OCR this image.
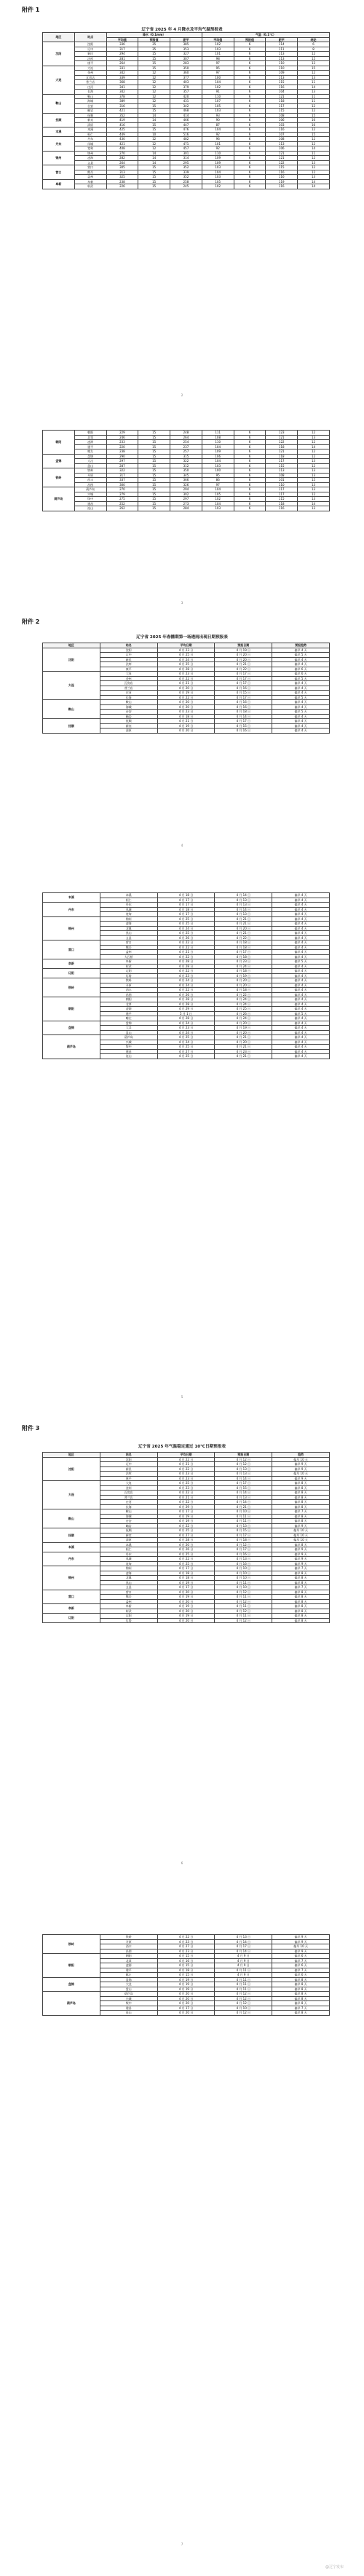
附件 1
辽宁省 2025 年 4 月降水及平均气温预报表
地区	站点	降水（0.1mm）			气温（0.1℃）			
		平均值	预报值	距平	平均值	预报值	距平	结论
沈阳	沈阳	336	35	385	102	6	114	6
	辽中	317	35	353	103	6	111	8
	新民	294	15	327	101	6	113	12
	法库	281	15	307	98	6	113	15
	康平	264	15	283	97	6	110	13
大连	大连	331	15	350	95	6	110	15
	金州	342	12	360	97	6	109	12
	瓦房店	339	12	377	100	6	113	13
	普兰店	368	12	403	104	6	115	11
	庄河	341	12	379	102	6	116	14
	长海	342	12	357	91	6	104	13
鞍山	鞍山	378	12	420	110	6	121	11
	海城	389	12	431	107	6	118	11
	台安	316	15	342	105	6	117	12
	岫岩	421	15	468	103	6	115	12
抚顺	抚顺	352	14	414	93	6	108	15
	新宾	419	14	466	90	6	106	16
	清原	416	15	447	87	6	103	16
本溪	本溪	425	15	476	104	6	116	12
	桓仁	449	10	516	92	6	107	15
丹东	丹东	430	12	482	96	6	108	12
	凤城	421	12	471	101	6	113	12
	宽甸	408	12	457	92	6	106	14
锦州	锦州	270	14	301	110	6	121	11
	凌海	282	14	314	109	6	121	12
	义县	264	14	295	109	6	122	13
营口	营口	305	15	352	103	6	115	12
	熊岳	313	15	339	104	6	116	12
	盖州	325	15	352	103	6	116	13
阜新	阜新	238	15	258	105	6	119	14
	彰武	226	15	245	102	6	116	14
2
朝阳	朝阳	229	15	248	111	6	123	12
	北票	246	15	264	108	6	121	13
	凌源	233	15	254	110	6	122	12
	建平	220	15	237	104	6	118	14
	喀左	238	15	257	109	6	121	12
盘锦	盘锦	290	15	315	106	6	118	12
	大洼	297	15	322	104	6	117	13
	盘山	287	15	312	103	6	115	12
铁岭	铁岭	322	15	350	100	6	113	13
	开原	317	15	345	95	6	108	13
	西丰	337	15	366	86	6	101	15
	昌图	300	15	326	97	6	110	13
葫芦岛	葫芦岛	270	15	294	104	6	117	13
	兴城	279	15	302	105	6	117	12
	绥中	275	15	297	102	6	115	13
	建昌	252	15	273	104	6	118	14
	连山	262	15	284	103	6	116	13
3
附件 2
辽宁省 2025 年春播期第一场透雨出现日期预报表
地区	站名	平均日期	预报日期	预报趋势
沈阳	沈阳	4 月 23 日	4 月 19 日	偏早 4 天
	辽中	4 月 25 日	4 月 20 日	偏早 5 天
	新民	4 月 24 日	4 月 20 日	偏早 4 天
	法库	4 月 25 日	4 月 21 日	偏早 4 天
	康平	4 月 28 日	4 月 22 日	偏早 6 天
大连	大连	4 月 23 日	4 月 17 日	偏早 6 天
	金州	4 月 22 日	4 月 17 日	偏早 5 天
	瓦房店	4 月 21 日	4 月 17 日	偏早 4 天
	普兰店	4 月 20 日	4 月 16 日	偏早 4 天
	庄河	4 月 19 日	4 月 15 日	偏早 4 天
	长海	4 月 22 日	4 月 17 日	偏早 5 天
鞍山	鞍山	4 月 20 日	4 月 16 日	偏早 4 天
	海城	4 月 20 日	4 月 16 日	偏早 4 天
	台安	4 月 23 日	4 月 18 日	偏早 5 天
	岫岩	4 月 18 日	4 月 14 日	偏早 4 天
抚顺	抚顺	4 月 21 日	4 月 17 日	偏早 4 天
	新宾	4 月 19 日	4 月 15 日	偏早 4 天
	清原	4 月 20 日	4 月 16 日	偏早 4 天
4
本溪	本溪	4 月 18 日	4 月 14 日	偏早 4 天
	桓仁	4 月 17 日	4 月 13 日	偏早 4 天
丹东	丹东	4 月 17 日	4 月 13 日	偏早 4 天
	凤城	4 月 18 日	4 月 14 日	偏早 4 天
	宽甸	4 月 17 日	4 月 13 日	偏早 4 天
锦州	锦州	4 月 25 日	4 月 21 日	偏早 4 天
	凌海	4 月 25 日	4 月 21 日	偏早 4 天
	北镇	4 月 24 日	4 月 20 日	偏早 4 天
	黑山	4 月 25 日	4 月 21 日	偏早 4 天
	义县	4 月 26 日	4 月 22 日	偏早 4 天
营口	营口	4 月 22 日	4 月 18 日	偏早 4 天
	熊岳	4 月 22 日	4 月 18 日	偏早 4 天
	盖州	4 月 21 日	4 月 17 日	偏早 4 天
	大石桥	4 月 22 日	4 月 18 日	偏早 4 天
阜新	阜新	4 月 28 日	4 月 23 日	偏早 5 天
	彰武	4 月 28 日	4 月 24 日	偏早 4 天
辽阳	辽阳	4 月 22 日	4 月 18 日	偏早 4 天
	灯塔	4 月 23 日	4 月 19 日	偏早 4 天
铁岭	铁岭	4 月 24 日	4 月 20 日	偏早 4 天
	开原	4 月 24 日	4 月 20 日	偏早 4 天
	西丰	4 月 22 日	4 月 18 日	偏早 4 天
	昌图	4 月 26 日	4 月 22 日	偏早 4 天
朝阳	朝阳	4 月 28 日	4 月 24 日	偏早 4 天
	北票	4 月 28 日	4 月 24 日	偏早 4 天
	凌源	4 月 29 日	4 月 25 日	偏早 4 天
	建平	5 月 1 日	4 月 26 日	偏早 5 天
	喀左	4 月 28 日	4 月 24 日	偏早 4 天
盘锦	盘锦	4 月 24 日	4 月 20 日	偏早 4 天
	大洼	4 月 23 日	4 月 19 日	偏早 4 天
	盘山	4 月 24 日	4 月 20 日	偏早 4 天
葫芦岛	葫芦岛	4 月 25 日	4 月 21 日	偏早 4 天
	兴城	4 月 24 日	4 月 20 日	偏早 4 天
	绥中	4 月 25 日	4 月 21 日	偏早 4 天
	建昌	4 月 27 日	4 月 23 日	偏早 4 天
	连山	4 月 25 日	4 月 21 日	偏早 4 天
5
附件 3
辽宁省 2025 年气温稳定通过 10℃日期预报表
地区	站名	平均日期	预报日期	趋势
沈阳	沈阳	4 月 22 日	4 月 12 日	偏早 10 天
	辽中	4 月 21 日	4 月 12 日	偏早 9 天
	新民	4 月 22 日	4 月 13 日	偏早 9 天
	法库	4 月 23 日	4 月 13 日	偏早 10 天
	康平	4 月 23 日	4 月 14 日	偏早 9 天
大连	大连	4 月 25 日	4 月 17 日	偏早 8 天
	金州	4 月 23 日	4 月 15 日	偏早 8 天
	瓦房店	4 月 22 日	4 月 14 日	偏早 8 天
	普兰店	4 月 21 日	4 月 13 日	偏早 8 天
	庄河	4 月 22 日	4 月 14 日	偏早 8 天
	长海	4 月 29 日	4 月 21 日	偏早 8 天
鞍山	鞍山	4 月 17 日	4 月 10 日	偏早 7 天
	海城	4 月 19 日	4 月 11 日	偏早 8 天
	台安	4 月 19 日	4 月 11 日	偏早 8 天
	岫岩	4 月 22 日	4 月 13 日	偏早 9 天
抚顺	抚顺	4 月 25 日	4 月 15 日	偏早 10 天
	新宾	4 月 27 日	4 月 17 日	偏早 10 天
	清原	4 月 28 日	4 月 18 日	偏早 10 天
本溪	本溪	4 月 20 日	4 月 12 日	偏早 8 天
	桓仁	4 月 26 日	4 月 17 日	偏早 9 天
丹东	丹东	4 月 25 日	4 月 16 日	偏早 9 天
	凤城	4 月 22 日	4 月 13 日	偏早 9 天
	宽甸	4 月 25 日	4 月 16 日	偏早 9 天
锦州	锦州	4 月 17 日	4 月 10 日	偏早 7 天
	凌海	4 月 18 日	4 月 10 日	偏早 8 天
	北镇	4 月 18 日	4 月 10 日	偏早 8 天
	黑山	4 月 19 日	4 月 11 日	偏早 8 天
	义县	4 月 17 日	4 月 10 日	偏早 7 天
营口	营口	4 月 20 日	4 月 12 日	偏早 8 天
	熊岳	4 月 19 日	4 月 11 日	偏早 8 天
	盖州	4 月 20 日	4 月 12 日	偏早 8 天
阜新	阜新	4 月 19 日	4 月 11 日	偏早 8 天
	彰武	4 月 20 日	4 月 12 日	偏早 8 天
辽阳	辽阳	4 月 19 日	4 月 11 日	偏早 8 天
	灯塔	4 月 20 日	4 月 12 日	偏早 8 天
6
铁岭	铁岭	4 月 22 日	4 月 13 日	偏早 9 天
	开原	4 月 23 日	4 月 14 日	偏早 9 天
	西丰	4 月 27 日	4 月 17 日	偏早 10 天
	昌图	4 月 23 日	4 月 14 日	偏早 9 天
朝阳	朝阳	4 月 15 日	4 月 9 日	偏早 6 天
	北票	4 月 16 日	4 月 9 日	偏早 7 天
	凌源	4 月 15 日	4 月 9 日	偏早 6 天
	建平	4 月 18 日	4 月 11 日	偏早 7 天
	喀左	4 月 15 日	4 月 9 日	偏早 6 天
盘锦	盘锦	4 月 19 日	4 月 11 日	偏早 8 天
	大洼	4 月 19 日	4 月 11 日	偏早 8 天
	盘山	4 月 19 日	4 月 11 日	偏早 8 天
葫芦岛	葫芦岛	4 月 20 日	4 月 12 日	偏早 8 天
	兴城	4 月 20 日	4 月 12 日	偏早 8 天
	绥中	4 月 20 日	4 月 12 日	偏早 8 天
	建昌	4 月 17 日	4 月 10 日	偏早 7 天
	连山	4 月 20 日	4 月 12 日	偏早 8 天
7
@辽宁发布
